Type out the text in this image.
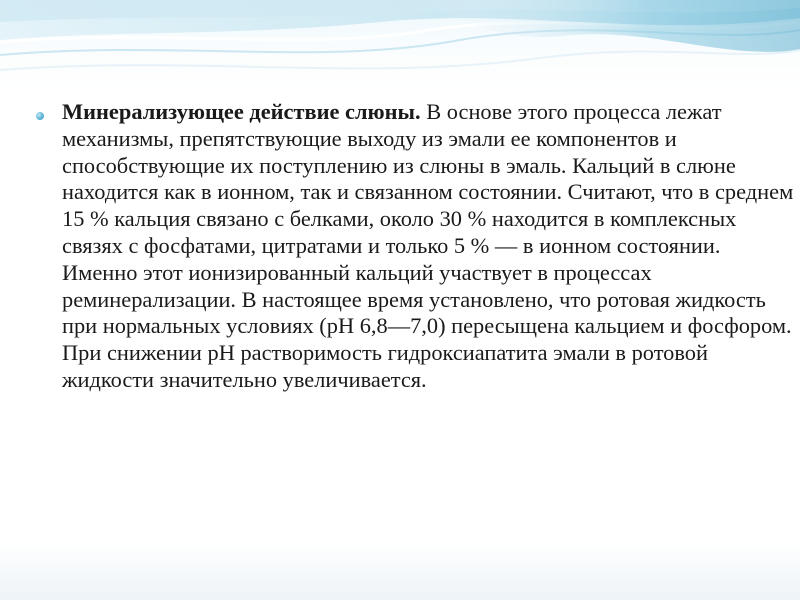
Минерализующее действие слюны. В основе этого процесса лежат механизмы, препятствующие выходу из эмали ее компонентов и способствующие их поступлению из слюны в эмаль. Кальций в слюне находится как в ионном, так и связанном состоянии. Считают, что в среднем 15 % кальция связано с белками, около 30 % находится в комплексных связях с фосфатами, цитратами и только 5 % — в ионном состоянии. Именно этот ионизированный кальций участвует в процессах реминерализации. В настоящее время установлено, что ротовая жидкость при нормальных условиях (рН 6,8—7,0) пересыщена кальцием и фосфором. При снижении рН растворимость гидроксиапатита эмали в ротовой жидкости значительно увеличивается.
